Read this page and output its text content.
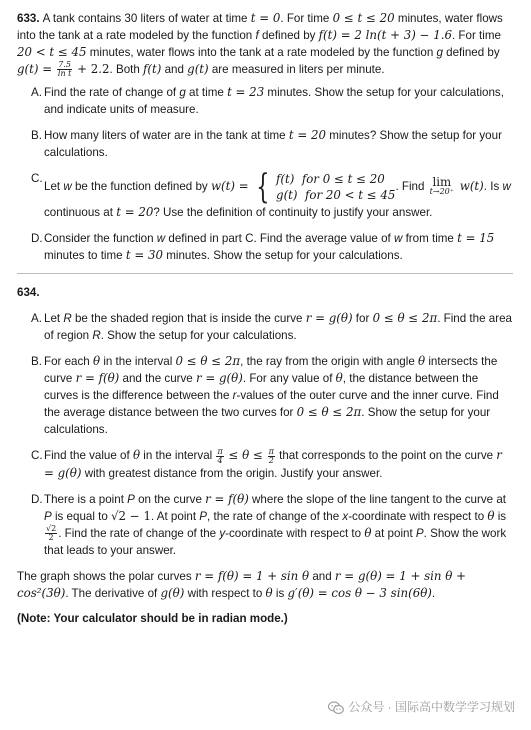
633. A tank contains 30 liters of water at time t = 0. For time 0 ≤ t ≤ 20 minutes, water flows into the tank at a rate modeled by the function f defined by f(t) = 2 ln(t + 3) − 1.6. For time 20 < t ≤ 45 minutes, water flows into the tank at a rate modeled by the function g defined by $g(t) = \frac{7.5}{\text{ln t}} + 2.2$. Both f(t) and g(t) are measured in liters per minute.
A. Find the rate of change of g at time t = 23 minutes. Show the setup for your calculations, and indicate units of measure.
B. How many liters of water are in the tank at time t = 20 minutes? Show the setup for your calculations.
C.
Let w be the function defined by w(t) = { f(t) for 0 ≤ t ≤ 20
g(t) for 20 < t ≤ 45
. Find lim
t→20⁺ w(t). Is w continuous at t = 20? Use the definition of continuity to justify your answer.
D. Consider the function w defined in part C. Find the average value of w from time t = 15 minutes to time t = 30 minutes. Show the setup for your calculations.
634.
A. Let R be the shaded region that is inside the curve r = g(θ) for 0 ≤ θ ≤ 2π. Find the area of region R. Show the setup for your calculations.
B. For each θ in the interval 0 ≤ θ ≤ 2π, the ray from the origin with angle θ intersects the curve r = f(θ) and the curve r = g(θ). For any value of θ, the distance between the curves is the difference between the r-values of the outer curve and the inner curve. Find the average distance between the two curves for 0 ≤ θ ≤ 2π. Show the setup for your calculations.
C. Find the value of θ in the interval $\frac{\pi}{4} \le \theta \le \frac{\pi}{2}$ that corresponds to the point on the curve r = g(θ) with greatest distance from the origin. Justify your answer.
D. There is a point P on the curve r = f(θ) where the slope of the line tangent to the curve at P is equal to √2 − 1. At point P, the rate of change of the x-coordinate with respect to θ is
$\frac{√2}{2}$ . Find the rate of change of the y-coordinate with respect to θ at point P. Show the work that leads to your answer.
The graph shows the polar curves r = f(θ) = 1 + sin θ and r = g(θ) = 1 + sin θ + cos²(3θ). The derivative of g(θ) with respect to θ is g′(θ) = cos θ − 3 sin(6θ).
(Note: Your calculator should be in radian mode.)
公众号 · 国际高中数学学习规划
